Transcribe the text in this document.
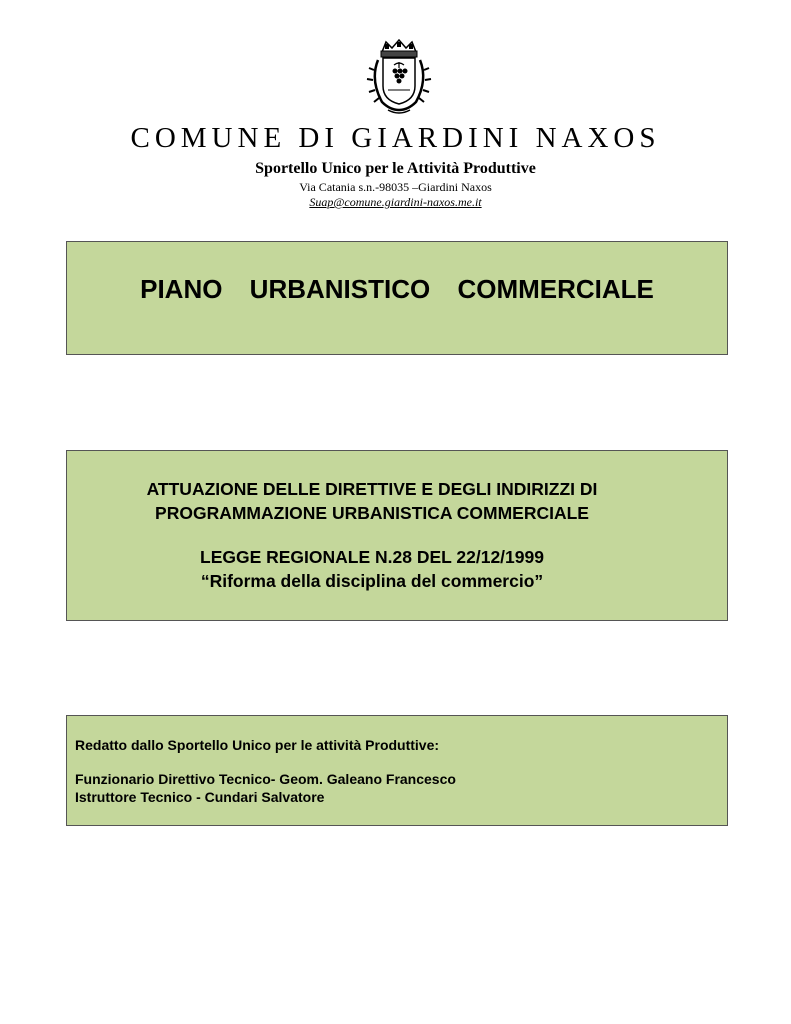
COMUNE DI GIARDINI NAXOS
Sportello Unico per le Attività Produttive
Via Catania s.n.-98035 –Giardini Naxos
Suap@comune.giardini-naxos.me.it
PIANO URBANISTICO COMMERCIALE
ATTUAZIONE DELLE DIRETTIVE E DEGLI INDIRIZZI DI
PROGRAMMAZIONE URBANISTICA COMMERCIALE
LEGGE REGIONALE N.28 DEL 22/12/1999
“Riforma della disciplina del commercio”
Redatto dallo Sportello Unico per le attività Produttive:
Funzionario Direttivo Tecnico- Geom. Galeano Francesco
Istruttore Tecnico - Cundari Salvatore
